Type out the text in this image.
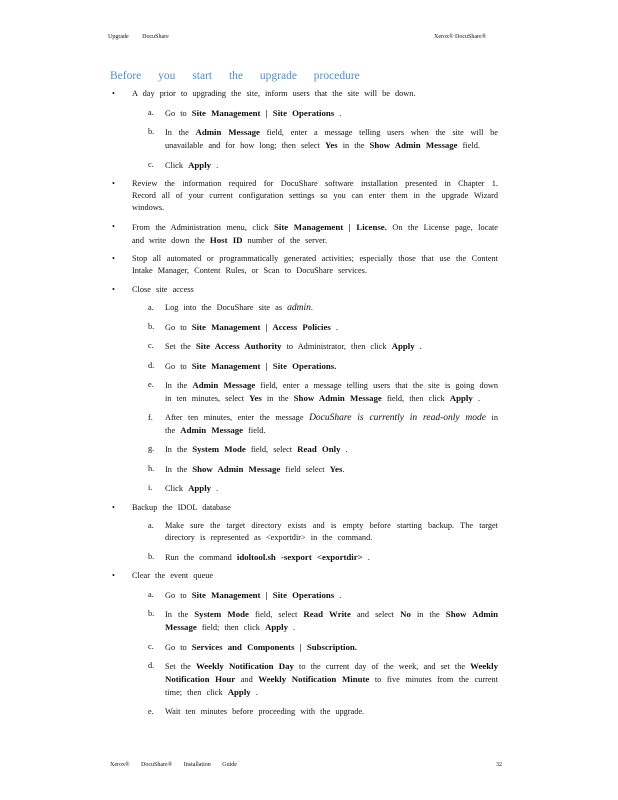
Upgrade DocuShare	Xerox® DocuShare®
Before you start the upgrade procedure
• A day prior to upgrading the site, inform users that the site will be down.
a. Go to Site Management | Site Operations .
b. In the Admin Message field, enter a message telling users when the site will be unavailable and for how long; then select Yes in the Show Admin Message field.
c. Click Apply .
• Review the information required for DocuShare software installation presented in Chapter 1. Record all of your current configuration settings so you can enter them in the upgrade Wizard windows.
• From the Administration menu, click Site Management | License. On the License page, locate and write down the Host ID number of the server.
• Stop all automated or programmatically generated activities; especially those that use the Content Intake Manager, Content Rules, or Scan to DocuShare services.
• Close site access
a. Log into the DocuShare site as admin.
b. Go to Site Management | Access Policies .
c. Set the Site Access Authority to Administrator, then click Apply .
d. Go to Site Management | Site Operations.
e. In the Admin Message field, enter a message telling users that the site is going down in ten minutes, select Yes in the Show Admin Message field, then click Apply .
f. After ten minutes, enter the message DocuShare is currently in read-only mode in the Admin Message field.
g. In the System Mode field, select Read Only .
h. In the Show Admin Message field select Yes.
i. Click Apply .
• Backup the IDOL database
a. Make sure the target directory exists and is empty before starting backup. The target directory is represented as <exportdir> in the command.
b. Run the command idoltool.sh -sexport <exportdir> .
• Clear the event queue
a. Go to Site Management | Site Operations .
b. In the System Mode field, select Read Write and select No in the Show Admin Message field; then click Apply .
c. Go to Services and Components | Subscription.
d. Set the Weekly Notification Day to the current day of the week, and set the Weekly Notification Hour and Weekly Notification Minute to five minutes from the current time; then click Apply .
e. Wait ten minutes before proceeding with the upgrade.
Xerox® DocuShare® Installation Guide	32
